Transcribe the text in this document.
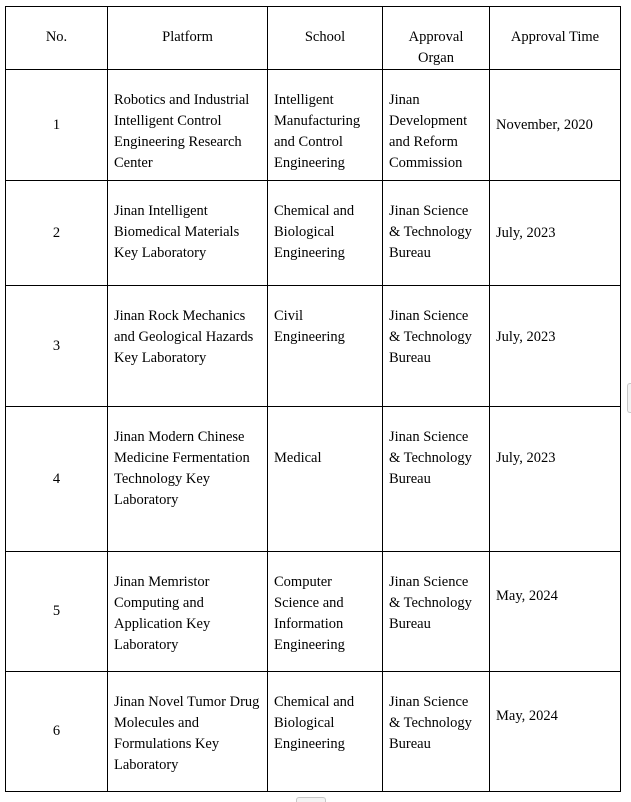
No.	Platform	School	Approval Organ	Approval Time
1	Robotics and Industrial Intelligent Control Engineering Research Center	Intelligent Manufacturing and Control Engineering	Jinan Development and Reform Commission	November, 2020
2	Jinan Intelligent Biomedical Materials Key Laboratory	Chemical and Biological Engineering	Jinan Science & Technology Bureau	July, 2023
3	Jinan Rock Mechanics and Geological Hazards Key Laboratory	Civil Engineering	Jinan Science & Technology Bureau	July, 2023
4	Jinan Modern Chinese Medicine Fermentation Technology Key Laboratory	Medical	Jinan Science & Technology Bureau	July, 2023
5	Jinan Memristor Computing and Application Key Laboratory	Computer Science and Information Engineering	Jinan Science & Technology Bureau	May, 2024
6	Jinan Novel Tumor Drug Molecules and Formulations Key Laboratory	Chemical and Biological Engineering	Jinan Science & Technology Bureau	May, 2024
